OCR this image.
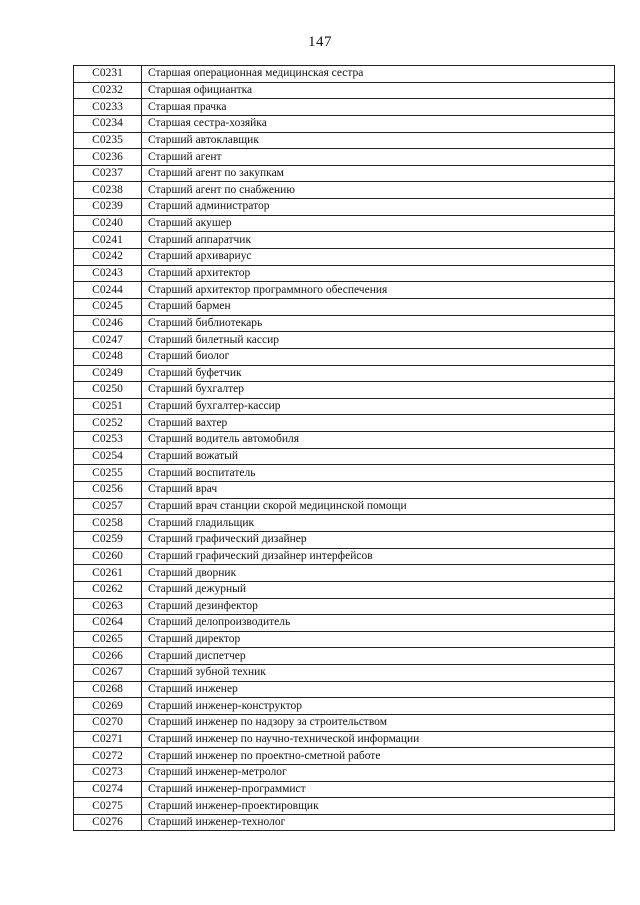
147
С0231	Старшая операционная медицинская сестра
С0232	Старшая официантка
С0233	Старшая прачка
С0234	Старшая сестра-хозяйка
С0235	Старший автоклавщик
С0236	Старший агент
С0237	Старший агент по закупкам
С0238	Старший агент по снабжению
С0239	Старший администратор
С0240	Старший акушер
С0241	Старший аппаратчик
С0242	Старший архивариус
С0243	Старший архитектор
С0244	Старший архитектор программного обеспечения
С0245	Старший бармен
С0246	Старший библиотекарь
С0247	Старший билетный кассир
С0248	Старший биолог
С0249	Старший буфетчик
С0250	Старший бухгалтер
С0251	Старший бухгалтер-кассир
С0252	Старший вахтер
С0253	Старший водитель автомобиля
С0254	Старший вожатый
С0255	Старший воспитатель
С0256	Старший врач
С0257	Старший врач станции скорой медицинской помощи
С0258	Старший гладильщик
С0259	Старший графический дизайнер
С0260	Старший графический дизайнер интерфейсов
С0261	Старший дворник
С0262	Старший дежурный
С0263	Старший дезинфектор
С0264	Старший делопроизводитель
С0265	Старший директор
С0266	Старший диспетчер
С0267	Старший зубной техник
С0268	Старший инженер
С0269	Старший инженер-конструктор
С0270	Старший инженер по надзору за строительством
С0271	Старший инженер по научно-технической информации
С0272	Старший инженер по проектно-сметной работе
С0273	Старший инженер-метролог
С0274	Старший инженер-программист
С0275	Старший инженер-проектировщик
С0276	Старший инженер-технолог
